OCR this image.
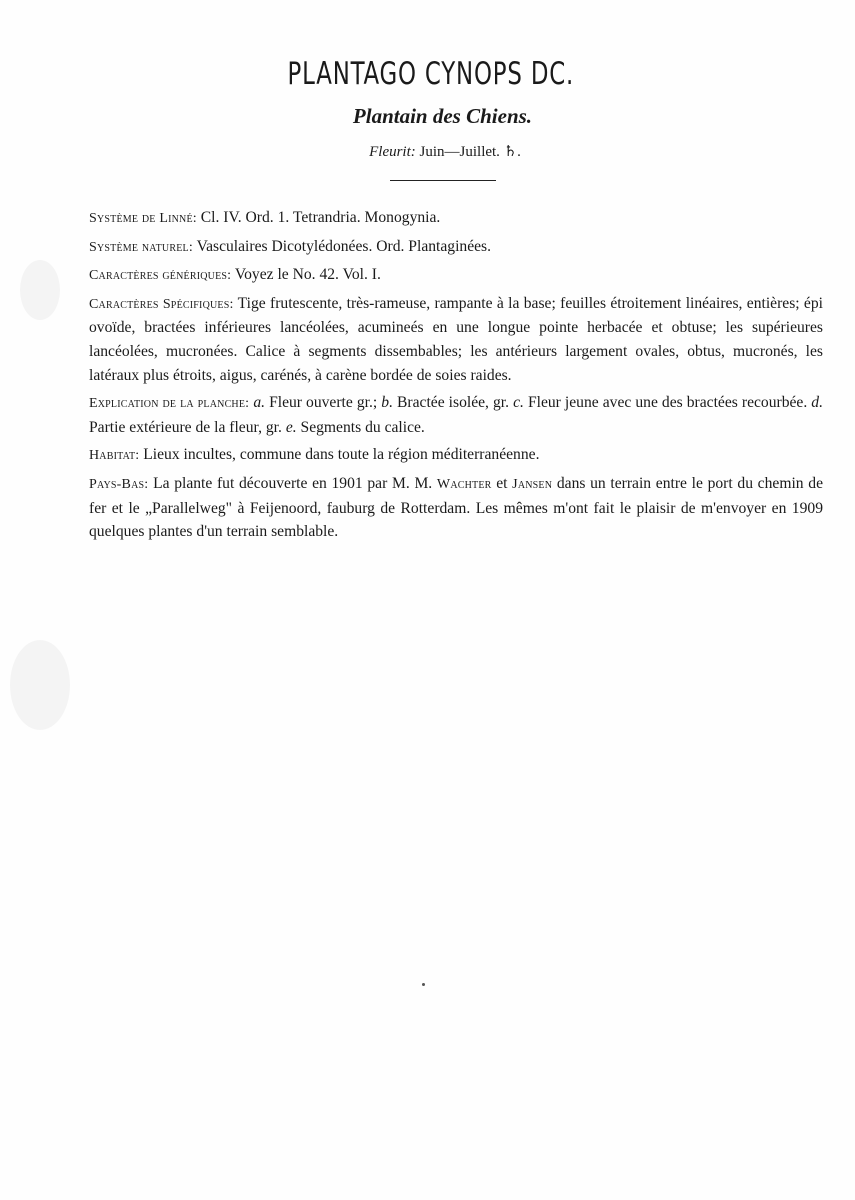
PLANTAGO CYNOPS DC.
Plantain des Chiens.
Fleurit: Juin—Juillet. ♄.

Système de Linné: Cl. IV. Ord. 1. Tetrandria. Monogynia.

Système naturel: Vasculaires Dicotylédonées. Ord. Plantaginées.

Caractères génériques: Voyez le No. 42. Vol. I.

Caractères Spécifiques: Tige frutescente, très-rameuse, rampante à la base; feuilles étroitement linéaires, entières; épi ovoïde, bractées inférieures lancéolées, acumineés en une longue pointe herbacée et obtuse; les supérieures lancéolées, mucronées. Calice à segments dissembables; les antérieurs largement ovales, obtus, mucronés, les latéraux plus étroits, aigus, carénés, à carène bordée de soies raides.

Explication de la planche: a. Fleur ouverte gr.; b. Bractée isolée, gr. c. Fleur jeune avec une des bractées recourbée. d. Partie extérieure de la fleur, gr. e. Segments du calice.

Habitat: Lieux incultes, commune dans toute la région méditerranéenne.

Pays-Bas: La plante fut découverte en 1901 par M. M. Wachter et Jansen dans un terrain entre le port du chemin de fer et le „Parallelweg" à Feijenoord, fauburg de Rotterdam. Les mêmes m'ont fait le plaisir de m'envoyer en 1909 quelques plantes d'un terrain semblable.
